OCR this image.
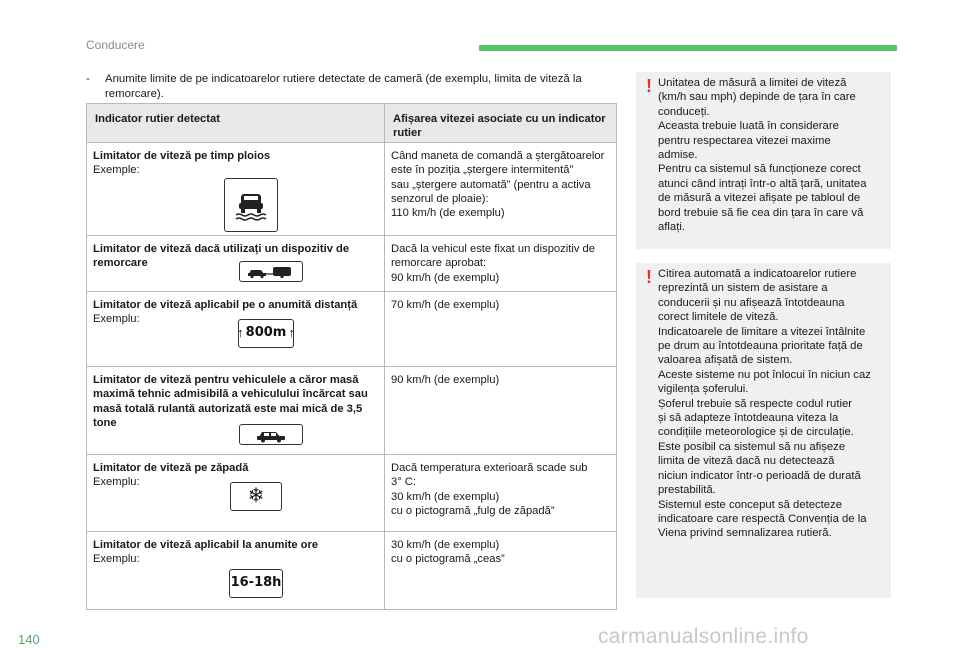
Conducere
- Anumite limite de pe indicatoarelor rutiere detectate de cameră (de exemplu, limita de viteză la remorcare).
Indicator rutier detectat	Afișarea vitezei asociate cu un indicator rutier

Limitator de viteză pe timp ploios
Exemple:	Când maneta de comandă a ștergătoarelor
este în poziția „ștergere intermitentă”
sau „ștergere automată” (pentru a activa
senzorul de ploaie):
110 km/h (de exemplu)

Limitator de viteză dacă utilizați un dispozitiv de remorcare	Dacă la vehicul este fixat un dispozitiv de
remorcare aprobat:
90 km/h (de exemplu)

Limitator de viteză aplicabil pe o anumită distanță
Exemplu:
↑ 800m ↑	70 km/h (de exemplu)

Limitator de viteză pentru vehiculele a căror masă maximă tehnic admisibilă a vehiculului încărcat sau masă totală rulantă autorizată este mai mică de 3,5 tone	90 km/h (de exemplu)

Limitator de viteză pe zăpadă
Exemplu:
❄	Dacă temperatura exterioară scade sub
3° C:
30 km/h (de exemplu)
cu o pictogramă „fulg de zăpadă”

Limitator de viteză aplicabil la anumite ore
Exemplu:
16-18h	30 km/h (de exemplu)
cu o pictogramă „ceas”
! Unitatea de măsură a limitei de viteză
(km/h sau mph) depinde de țara în care
conduceți.
Aceasta trebuie luată în considerare
pentru respectarea vitezei maxime
admise.
Pentru ca sistemul să funcționeze corect
atunci când intrați într-o altă țară, unitatea
de măsură a vitezei afișate pe tabloul de
bord trebuie să fie cea din țara în care vă
aflați.
! Citirea automată a indicatoarelor rutiere
reprezintă un sistem de asistare a
conducerii și nu afișează întotdeauna
corect limitele de viteză.
Indicatoarele de limitare a vitezei întâlnite
pe drum au întotdeauna prioritate față de
valoarea afișată de sistem.
Aceste sisteme nu pot înlocui în niciun caz
vigilența șoferului.
Șoferul trebuie să respecte codul rutier
și să adapteze întotdeauna viteza la
condițiile meteorologice și de circulație.
Este posibil ca sistemul să nu afișeze
limita de viteză dacă nu detectează
niciun indicator într-o perioadă de durată
prestabilită.
Sistemul este conceput să detecteze
indicatoare care respectă Convenția de la
Viena privind semnalizarea rutieră.
140	carmanualsonline.info
